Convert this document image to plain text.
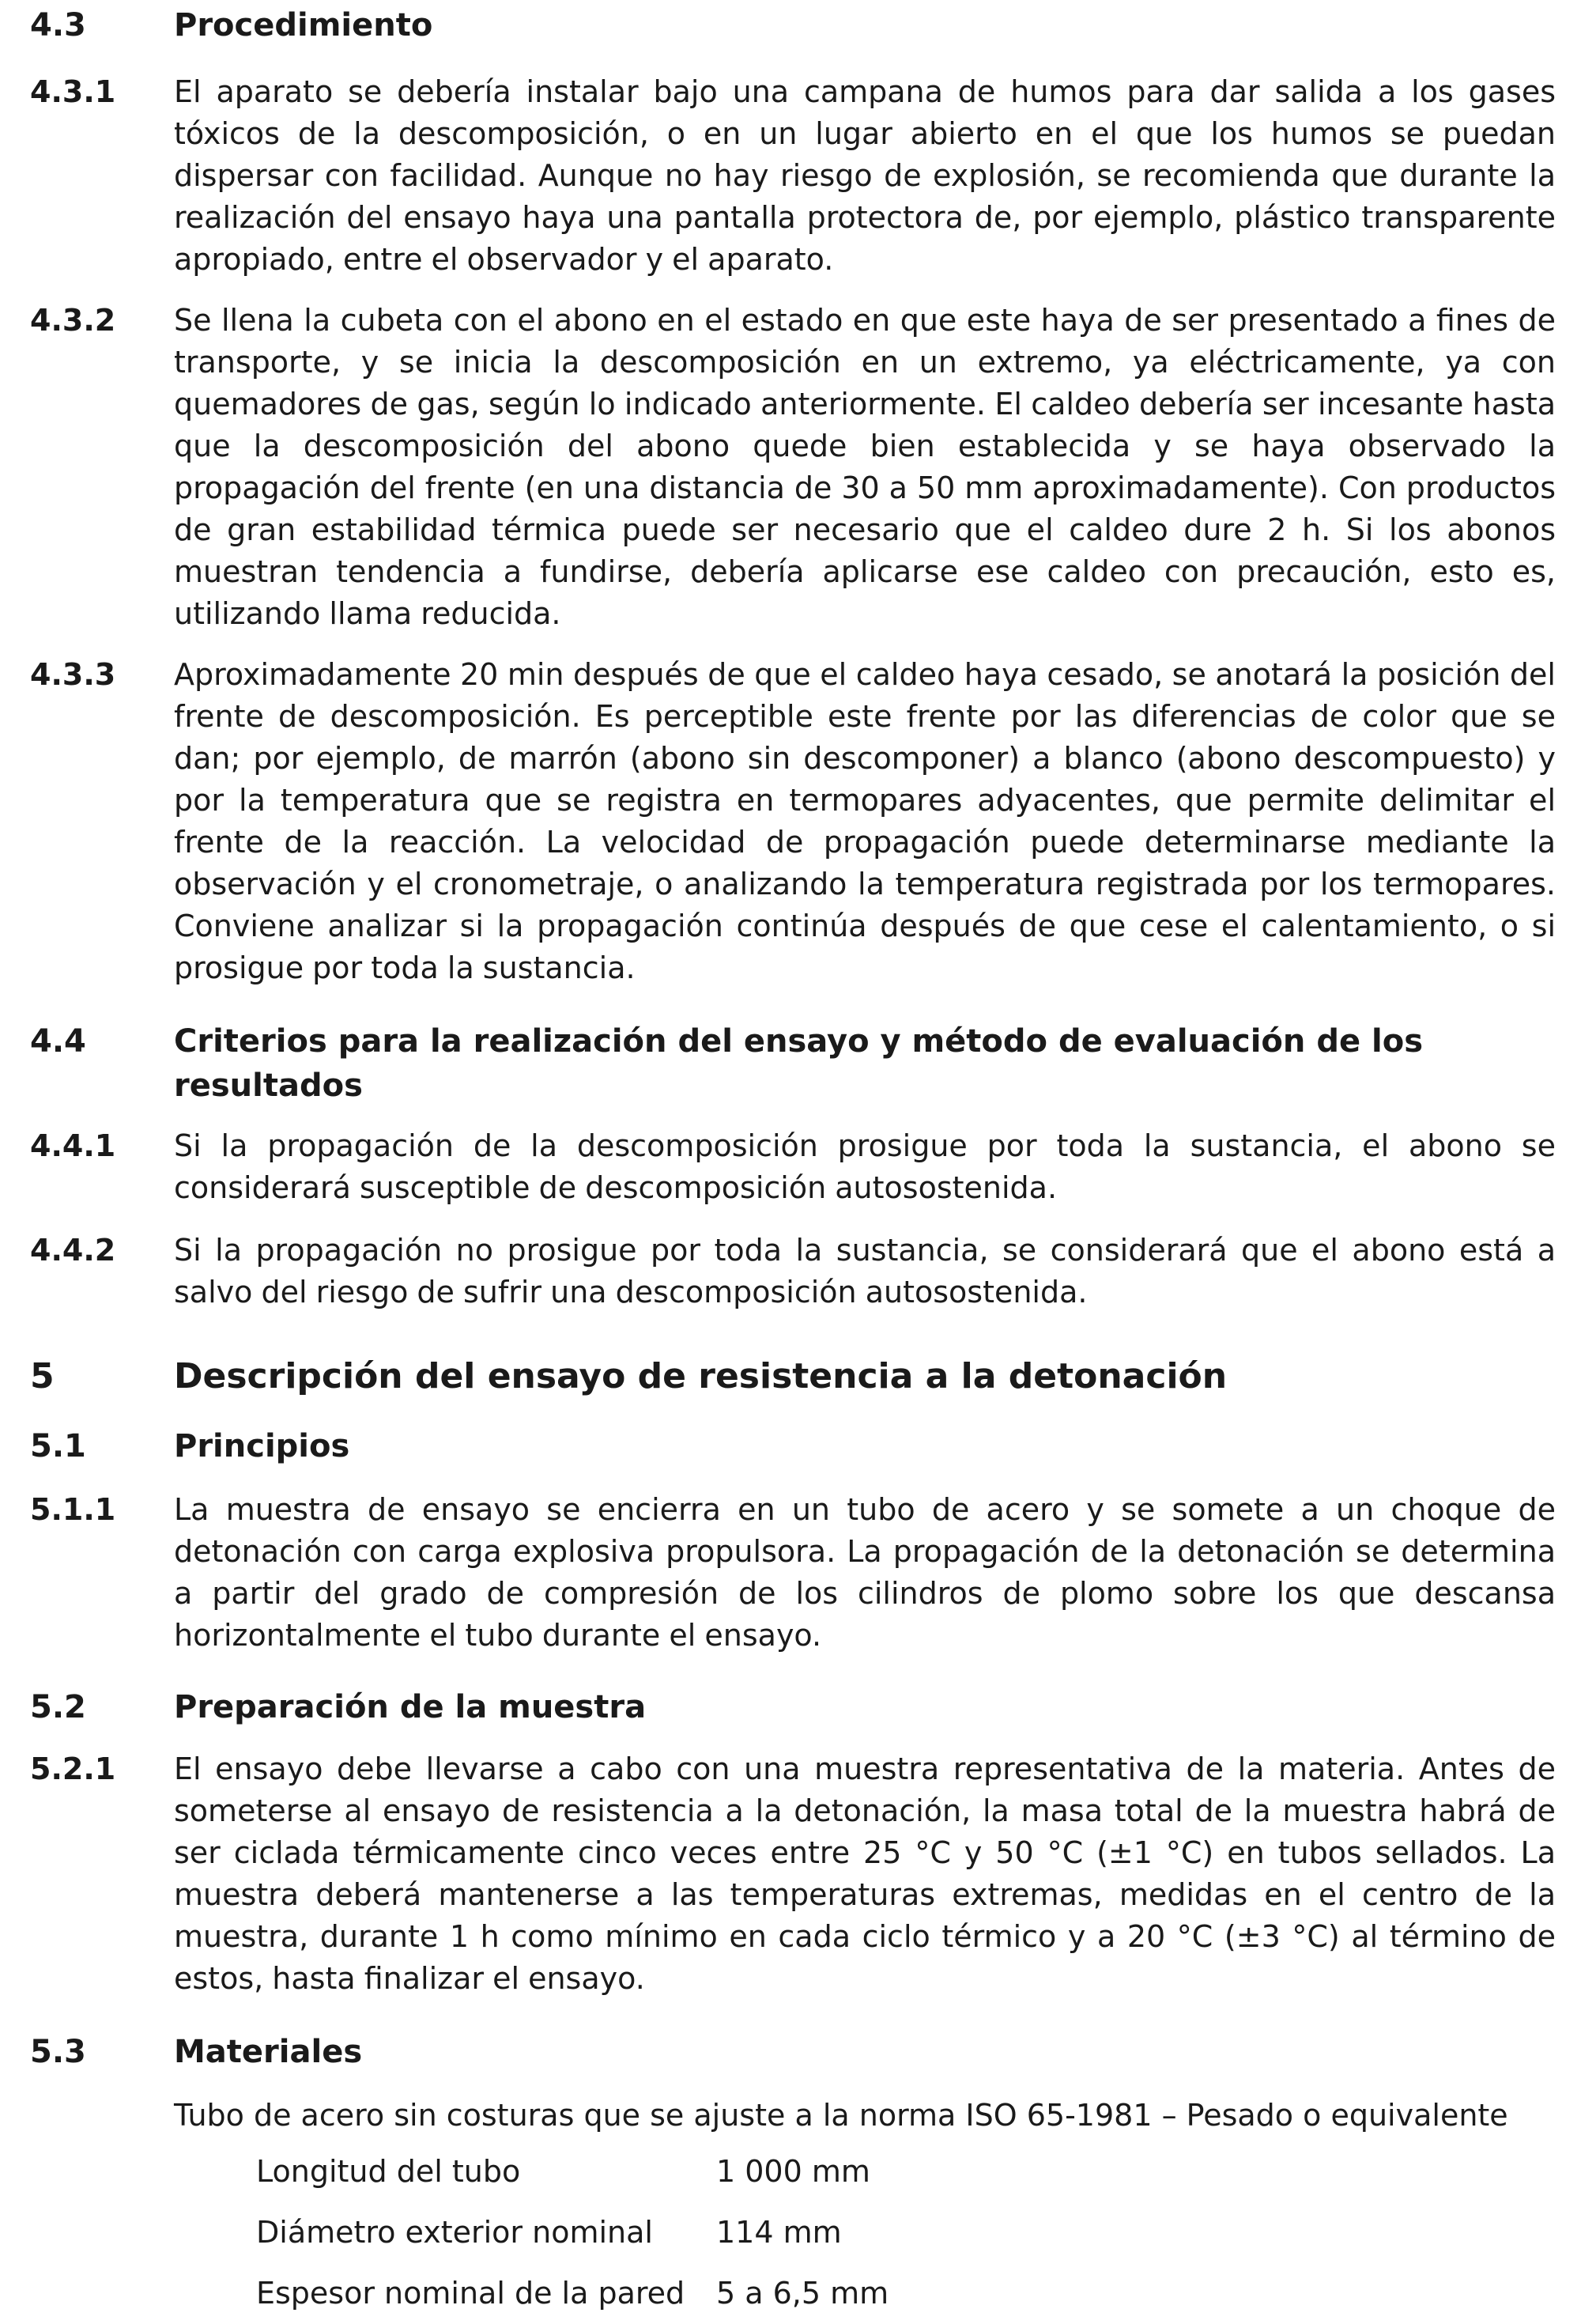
4.3	Procedimiento
4.3.1	El aparato se debería instalar bajo una campana de humos para dar salida a los gases tóxicos de la descomposición, o en un lugar abierto en el que los humos se puedan dispersar con facilidad. Aunque no hay riesgo de explosión, se recomienda que durante la realización del ensayo haya una pantalla protectora de, por ejemplo, plástico transparente apropiado, entre el observador y el aparato.

4.3.2	Se llena la cubeta con el abono en el estado en que este haya de ser presentado a fines de transporte, y se inicia la descomposición en un extremo, ya eléctricamente, ya con quemadores de gas, según lo indicado anteriormente. El caldeo debería ser incesante hasta que la descomposición del abono quede bien establecida y se haya observado la propagación del frente (en una distancia de 30 a 50 mm aproximadamente). Con productos de gran estabilidad térmica puede ser necesario que el caldeo dure 2 h. Si los abonos muestran tendencia a fundirse, debería aplicarse ese caldeo con precaución, esto es, utilizando llama reducida.

4.3.3	Aproximadamente 20 min después de que el caldeo haya cesado, se anotará la posición del frente de descomposición. Es perceptible este frente por las diferencias de color que se dan; por ejemplo, de marrón (abono sin descomponer) a blanco (abono descompuesto) y por la temperatura que se registra en termopares adyacentes, que permite delimitar el frente de la reacción. La velocidad de propagación puede determinarse mediante la observación y el cronometraje, o analizando la temperatura registrada por los termopares. Conviene analizar si la propagación continúa después de que cese el calentamiento, o si prosigue por toda la sustancia.

4.4	Criterios para la realización del ensayo y método de evaluación de los resultados
4.4.1	Si la propagación de la descomposición prosigue por toda la sustancia, el abono se considerará susceptible de descomposición autosostenida.

4.4.2	Si la propagación no prosigue por toda la sustancia, se considerará que el abono está a salvo del riesgo de sufrir una descomposición autosostenida.

5	Descripción del ensayo de resistencia a la detonación
5.1	Principios
5.1.1	La muestra de ensayo se encierra en un tubo de acero y se somete a un choque de detonación con carga explosiva propulsora. La propagación de la detonación se determina a partir del grado de compresión de los cilindros de plomo sobre los que descansa horizontalmente el tubo durante el ensayo.

5.2	Preparación de la muestra
5.2.1	El ensayo debe llevarse a cabo con una muestra representativa de la materia. Antes de someterse al ensayo de resistencia a la detonación, la masa total de la muestra habrá de ser ciclada térmicamente cinco veces entre 25 °C y 50 °C (±1 °C) en tubos sellados. La muestra deberá mantenerse a las temperaturas extremas, medidas en el centro de la muestra, durante 1 h como mínimo en cada ciclo térmico y a 20 °C (±3 °C) al término de estos, hasta finalizar el ensayo.

5.3	Materiales
Tubo de acero sin costuras que se ajuste a la norma ISO 65-1981 – Pesado o equivalente
Longitud del tubo	1 000 mm
Diámetro exterior nominal	114 mm
Espesor nominal de la pared	5 a 6,5 mm
